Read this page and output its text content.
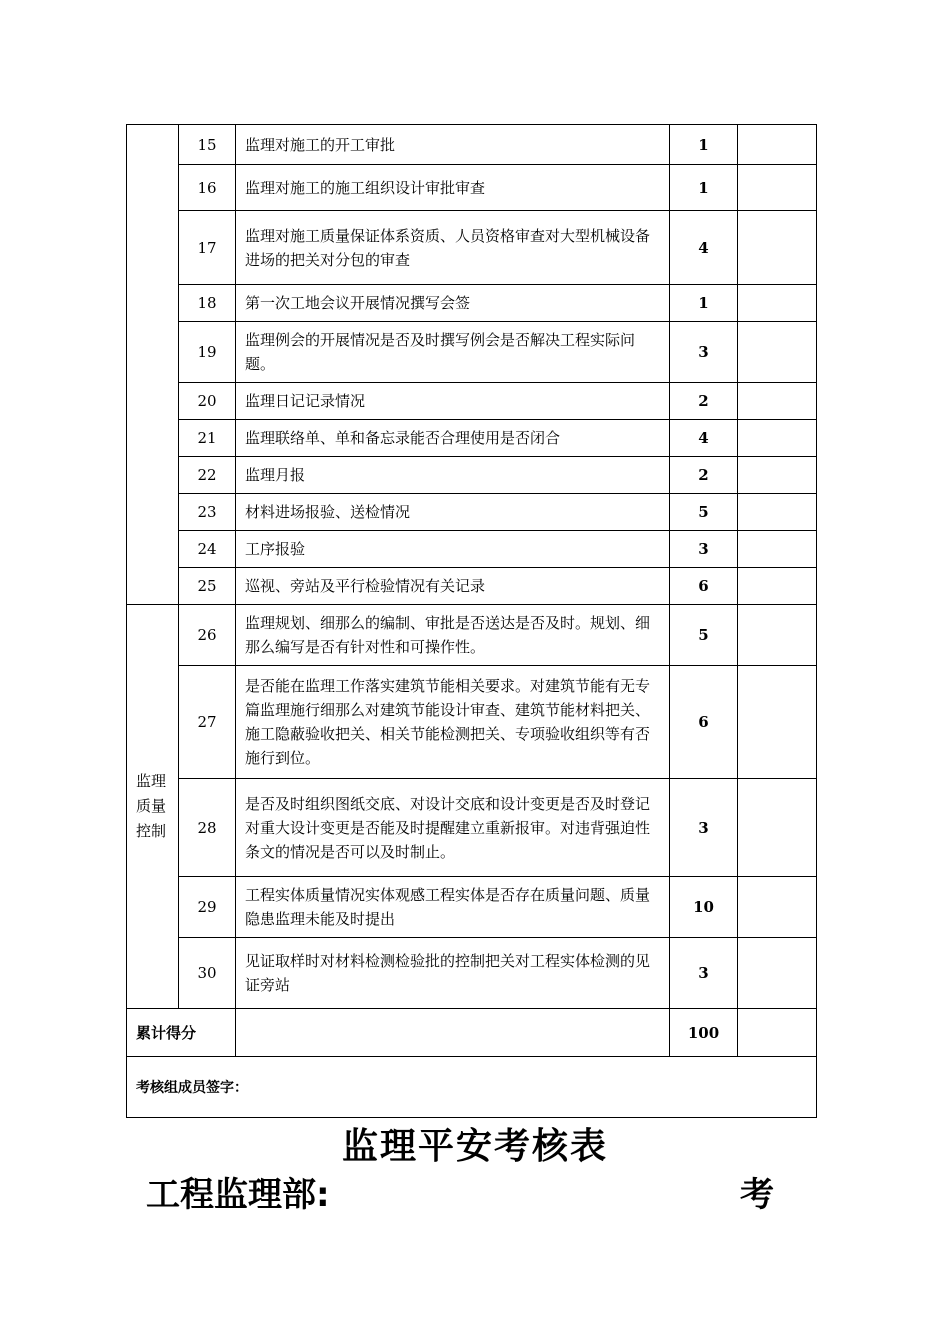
	15	监理对施工的开工审批	1	
	16	监理对施工的施工组织设计审批审查	1	
	17	监理对施工质量保证体系资质、人员资格审查对大型机械设备进场的把关对分包的审查	4	
	18	第一次工地会议开展情况撰写会签	1	
	19	监理例会的开展情况是否及时撰写例会是否解决工程实际问题。	3	
	20	监理日记记录情况	2	
	21	监理联络单、单和备忘录能否合理使用是否闭合	4	
	22	监理月报	2	
	23	材料进场报验、送检情况	5	
	24	工序报验	3	
	25	巡视、旁站及平行检验情况有关记录	6	
监理质量控制	26	监理规划、细那么的编制、审批是否送达是否及时。规划、细那么编写是否有针对性和可操作性。	5	
	27	是否能在监理工作落实建筑节能相关要求。对建筑节能有无专篇监理施行细那么对建筑节能设计审查、建筑节能材料把关、施工隐蔽验收把关、相关节能检测把关、专项验收组织等有否施行到位。	6	
	28	是否及时组织图纸交底、对设计交底和设计变更是否及时登记对重大设计变更是否能及时提醒建立重新报审。对违背强迫性条文的情况是否可以及时制止。	3	
	29	工程实体质量情况实体观感工程实体是否存在质量问题、质量隐患监理未能及时提出	10	
	30	见证取样时对材料检测检验批的控制把关对工程实体检测的见证旁站	3	
累计得分			100	
考核组成员签字：				
监理平安考核表
工程监理部:	考
